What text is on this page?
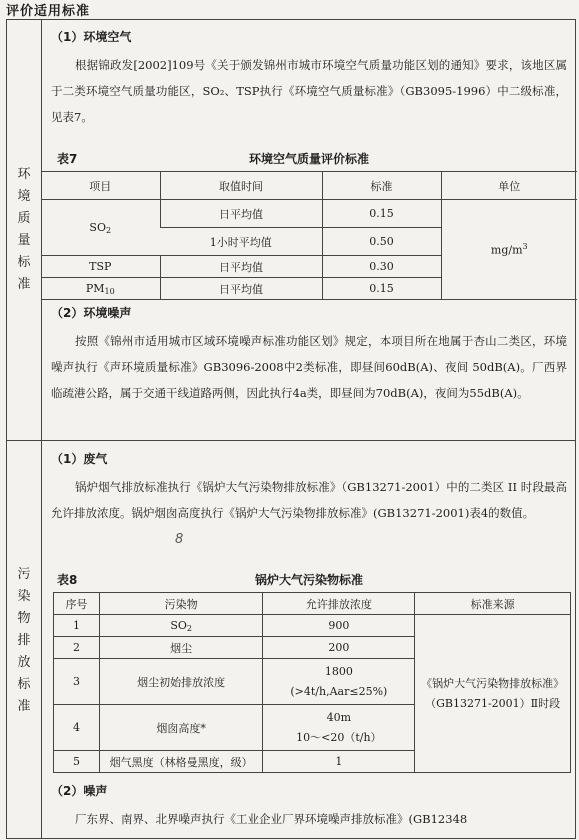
评价适用标准
环境质量标准
污染物排放标准
（1）环境空气

根据锦政发[2002]109号《关于颁发锦州市城市环境空气质量功能区划的通知》要求，该地区属于二类环境空气质量功能区，SO₂、TSP执行《环境空气质量标准》（GB3095-1996）中二级标准，见表7。

表7	环境空气质量评价标准
项目	取值时间	标准	单位
$SO_2$	日平均值	0.15	$mg/m^3$
	1小时平均值	0.50	
TSP	日平均值	0.30	
$PM_{10}$	日平均值	0.15	
（2）环境噪声

按照《锦州市适用城市区域环境噪声标准功能区划》规定，本项目所在地属于杏山二类区，环境噪声执行《声环境质量标准》GB3096-2008中2类标准，即昼间60dB(A)、夜间 50dB(A)。厂西界临疏港公路，属于交通干线道路两侧，因此执行4a类，即昼间为70dB(A)，夜间为55dB(A)。

（1）废气

锅炉烟气排放标准执行《锅炉大气污染物排放标准》（GB13271-2001）中的二类区 II 时段最高允许排放浓度。锅炉烟囱高度执行《锅炉大气污染物排放标准》(GB13271-2001)表4的数值。

8
表8	锅炉大气污染物标准
序号	污染物	允许排放浓度	标准来源
1	$SO_2$	900	《锅炉大气污染物排放标准》
（GB13271-2001）Ⅱ时段

2	烟尘	200	
3	烟尘初始排放浓度	1800
(>4t/h,Aar≤25%)	

4	烟囱高度*	40m
10～<20（t/h）	

5	烟气黑度（林格曼黑度，级）	1	
（2）噪声

厂东界、南界、北界噪声执行《工业企业厂界环境噪声排放标准》(GB12348
